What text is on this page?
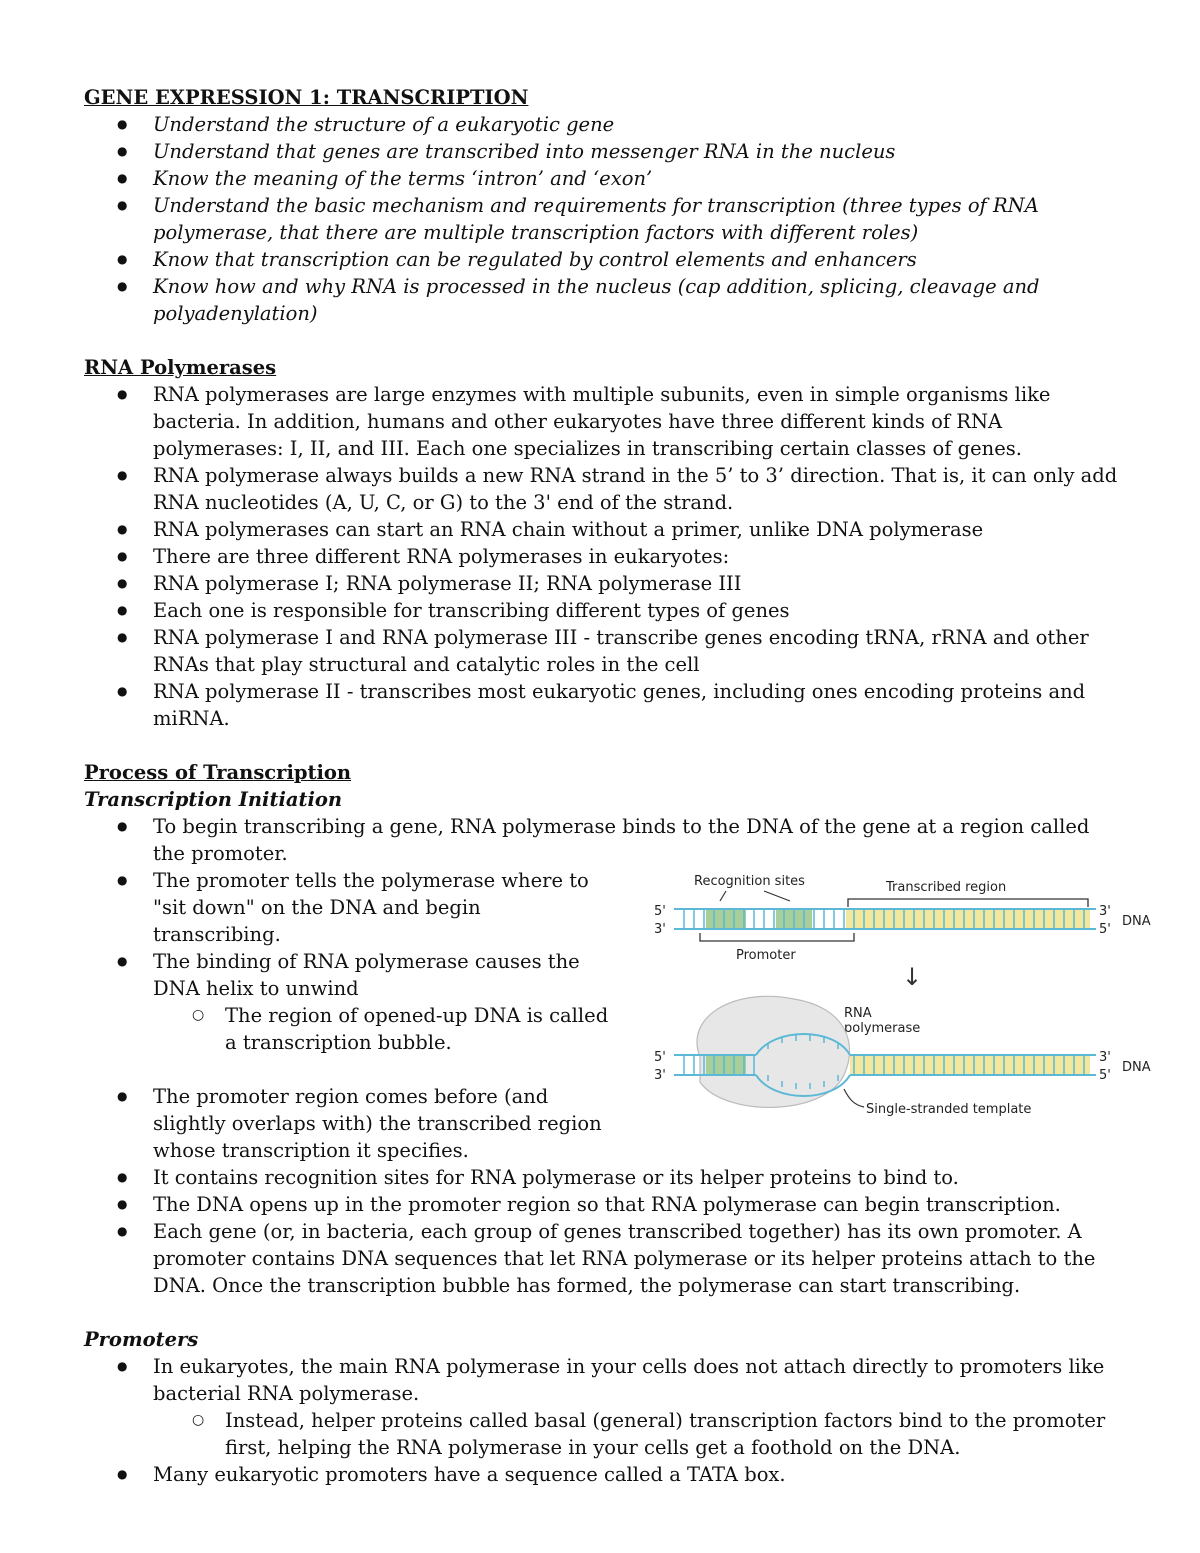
GENE EXPRESSION 1: TRANSCRIPTION

● Understand the structure of a eukaryotic gene
● Understand that genes are transcribed into messenger RNA in the nucleus
● Know the meaning of the terms ‘intron’ and ‘exon’
● Understand the basic mechanism and requirements for transcription (three types of RNA polymerase, that there are multiple transcription factors with different roles)
● Know that transcription can be regulated by control elements and enhancers
● Know how and why RNA is processed in the nucleus (cap addition, splicing, cleavage and polyadenylation)

RNA Polymerases

● RNA polymerases are large enzymes with multiple subunits, even in simple organisms like bacteria. In addition, humans and other eukaryotes have three different kinds of RNA polymerases: I, II, and III. Each one specializes in transcribing certain classes of genes.
● RNA polymerase always builds a new RNA strand in the 5’ to 3’ direction. That is, it can only add RNA nucleotides (A, U, C, or G) to the 3' end of the strand.
● RNA polymerases can start an RNA chain without a primer, unlike DNA polymerase
● There are three different RNA polymerases in eukaryotes:
● RNA polymerase I; RNA polymerase II; RNA polymerase III
● Each one is responsible for transcribing different types of genes
● RNA polymerase I and RNA polymerase III - transcribe genes encoding tRNA, rRNA and other RNAs that play structural and catalytic roles in the cell
● RNA polymerase II - transcribes most eukaryotic genes, including ones encoding proteins and miRNA.

Process of Transcription

Transcription Initiation

● To begin transcribing a gene, RNA polymerase binds to the DNA of the gene at a region called the promoter.
● The promoter tells the polymerase where to "sit down" on the DNA and begin transcribing.
● The binding of RNA polymerase causes the DNA helix to unwind
○ The region of opened-up DNA is called a transcription bubble.
● The promoter region comes before (and slightly overlaps with) the transcribed region whose transcription it specifies.
Recognition sites	Transcribed region
5'
3'
3'
5'
DNA
Promoter
↓
RNA
polymerase
5'
3'
3'
5'
DNA
Single-stranded template
● It contains recognition sites for RNA polymerase or its helper proteins to bind to.
● The DNA opens up in the promoter region so that RNA polymerase can begin transcription.
● Each gene (or, in bacteria, each group of genes transcribed together) has its own promoter. A promoter contains DNA sequences that let RNA polymerase or its helper proteins attach to the DNA. Once the transcription bubble has formed, the polymerase can start transcribing.

Promoters

● In eukaryotes, the main RNA polymerase in your cells does not attach directly to promoters like bacterial RNA polymerase.
○ Instead, helper proteins called basal (general) transcription factors bind to the promoter first, helping the RNA polymerase in your cells get a foothold on the DNA.
● Many eukaryotic promoters have a sequence called a TATA box.
